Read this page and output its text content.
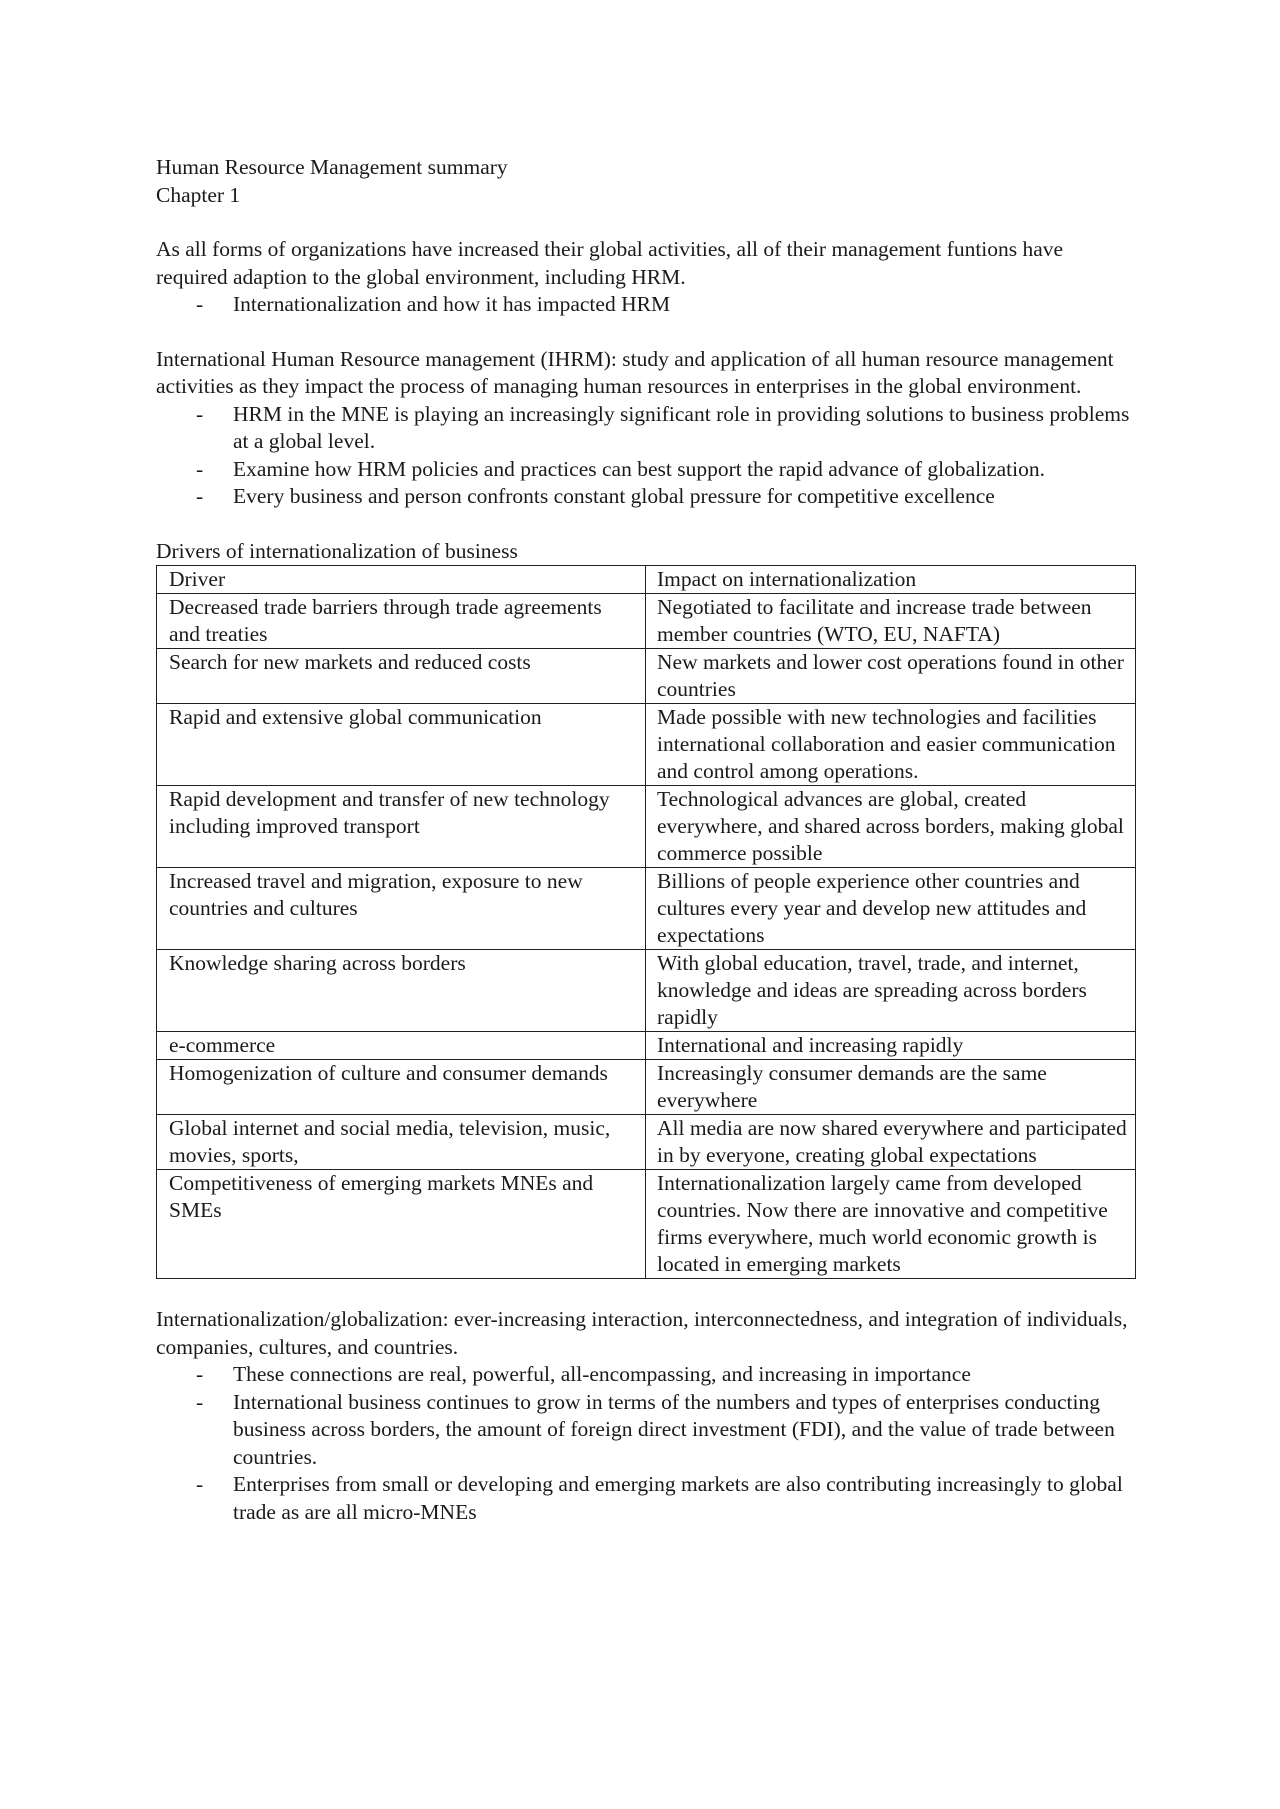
Human Resource Management summary

Chapter 1

As all forms of organizations have increased their global activities, all of their management funtions have required adaption to the global environment, including HRM.

- Internationalization and how it has impacted HRM

International Human Resource management (IHRM): study and application of all human resource management activities as they impact the process of managing human resources in enterprises in the global environment.

- HRM in the MNE is playing an increasingly significant role in providing solutions to business problems at a global level.
- Examine how HRM policies and practices can best support the rapid advance of globalization.
- Every business and person confronts constant global pressure for competitive excellence

Drivers of internationalization of business

Driver	Impact on internationalization
Decreased trade barriers through trade agreements and treaties	Negotiated to facilitate and increase trade between member countries (WTO, EU, NAFTA)
Search for new markets and reduced costs	New markets and lower cost operations found in other countries
Rapid and extensive global communication	Made possible with new technologies and facilities international collaboration and easier communication and control among operations.
Rapid development and transfer of new technology including improved transport	Technological advances are global, created everywhere, and shared across borders, making global commerce possible
Increased travel and migration, exposure to new countries and cultures	Billions of people experience other countries and cultures every year and develop new attitudes and expectations
Knowledge sharing across borders	With global education, travel, trade, and internet, knowledge and ideas are spreading across borders rapidly
e-commerce	International and increasing rapidly
Homogenization of culture and consumer demands	Increasingly consumer demands are the same everywhere
Global internet and social media, television, music, movies, sports,	All media are now shared everywhere and participated in by everyone, creating global expectations
Competitiveness of emerging markets MNEs and SMEs	Internationalization largely came from developed countries. Now there are innovative and competitive firms everywhere, much world economic growth is located in emerging markets

Internationalization/globalization: ever-increasing interaction, interconnectedness, and integration of individuals, companies, cultures, and countries.

- These connections are real, powerful, all-encompassing, and increasing in importance
- International business continues to grow in terms of the numbers and types of enterprises conducting business across borders, the amount of foreign direct investment (FDI), and the value of trade between countries.
- Enterprises from small or developing and emerging markets are also contributing increasingly to global trade as are all micro-MNEs
